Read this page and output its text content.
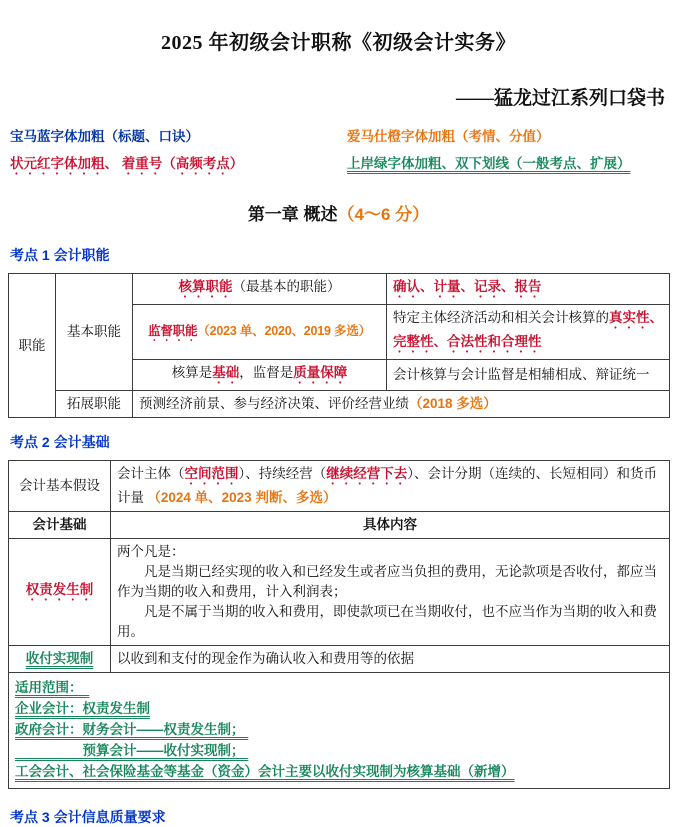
2025 年初级会计职称《初级会计实务》
——猛龙过江系列口袋书
宝马蓝字体加粗（标题、口诀）	爱马仕橙字体加粗（考情、分值）
状元红字体加粗、 着重号（高频考点）	上岸绿字体加粗、双下划线（一般考点、扩展）
第一章 概述（4～6 分）
考点 1 会计职能
职能	基本职能	核算职能（最基本的职能）	确认、计量、记录、报告
		监督职能（2023 单、2020、2019 多选）	特定主体经济活动和相关会计核算的真实性、完整性、合法性和合理性
		核算是基础，监督是质量保障	会计核算与会计监督是相辅相成、辩证统一
	拓展职能	预测经济前景、参与经济决策、评价经营业绩（2018 多选）	
考点 2 会计基础
会计基本假设	会计主体（空间范围）、持续经营（继续经营下去）、会计分期（连续的、长短相同）和货币计量 （2024 单、2023 判断、多选）
会计基础	具体内容
权责发生制	两个凡是：
凡是当期已经实现的收入和已经发生或者应当负担的费用，无论款项是否收付，都应当作为当期的收入和费用，计入利润表；
凡是不属于当期的收入和费用，即使款项已在当期收付，也不应当作为当期的收入和费用。

收付实现制	以收到和支付的现金作为确认收入和费用等的依据

适用范围：　
企业会计：权责发生制
政府会计：财务会计——权责发生制；
　　　　　预算会计——收付实现制；
工会会计、社会保险基金等基金（资金）会计主要以收付实现制为核算基础（新增）	
考点 3 会计信息质量要求
